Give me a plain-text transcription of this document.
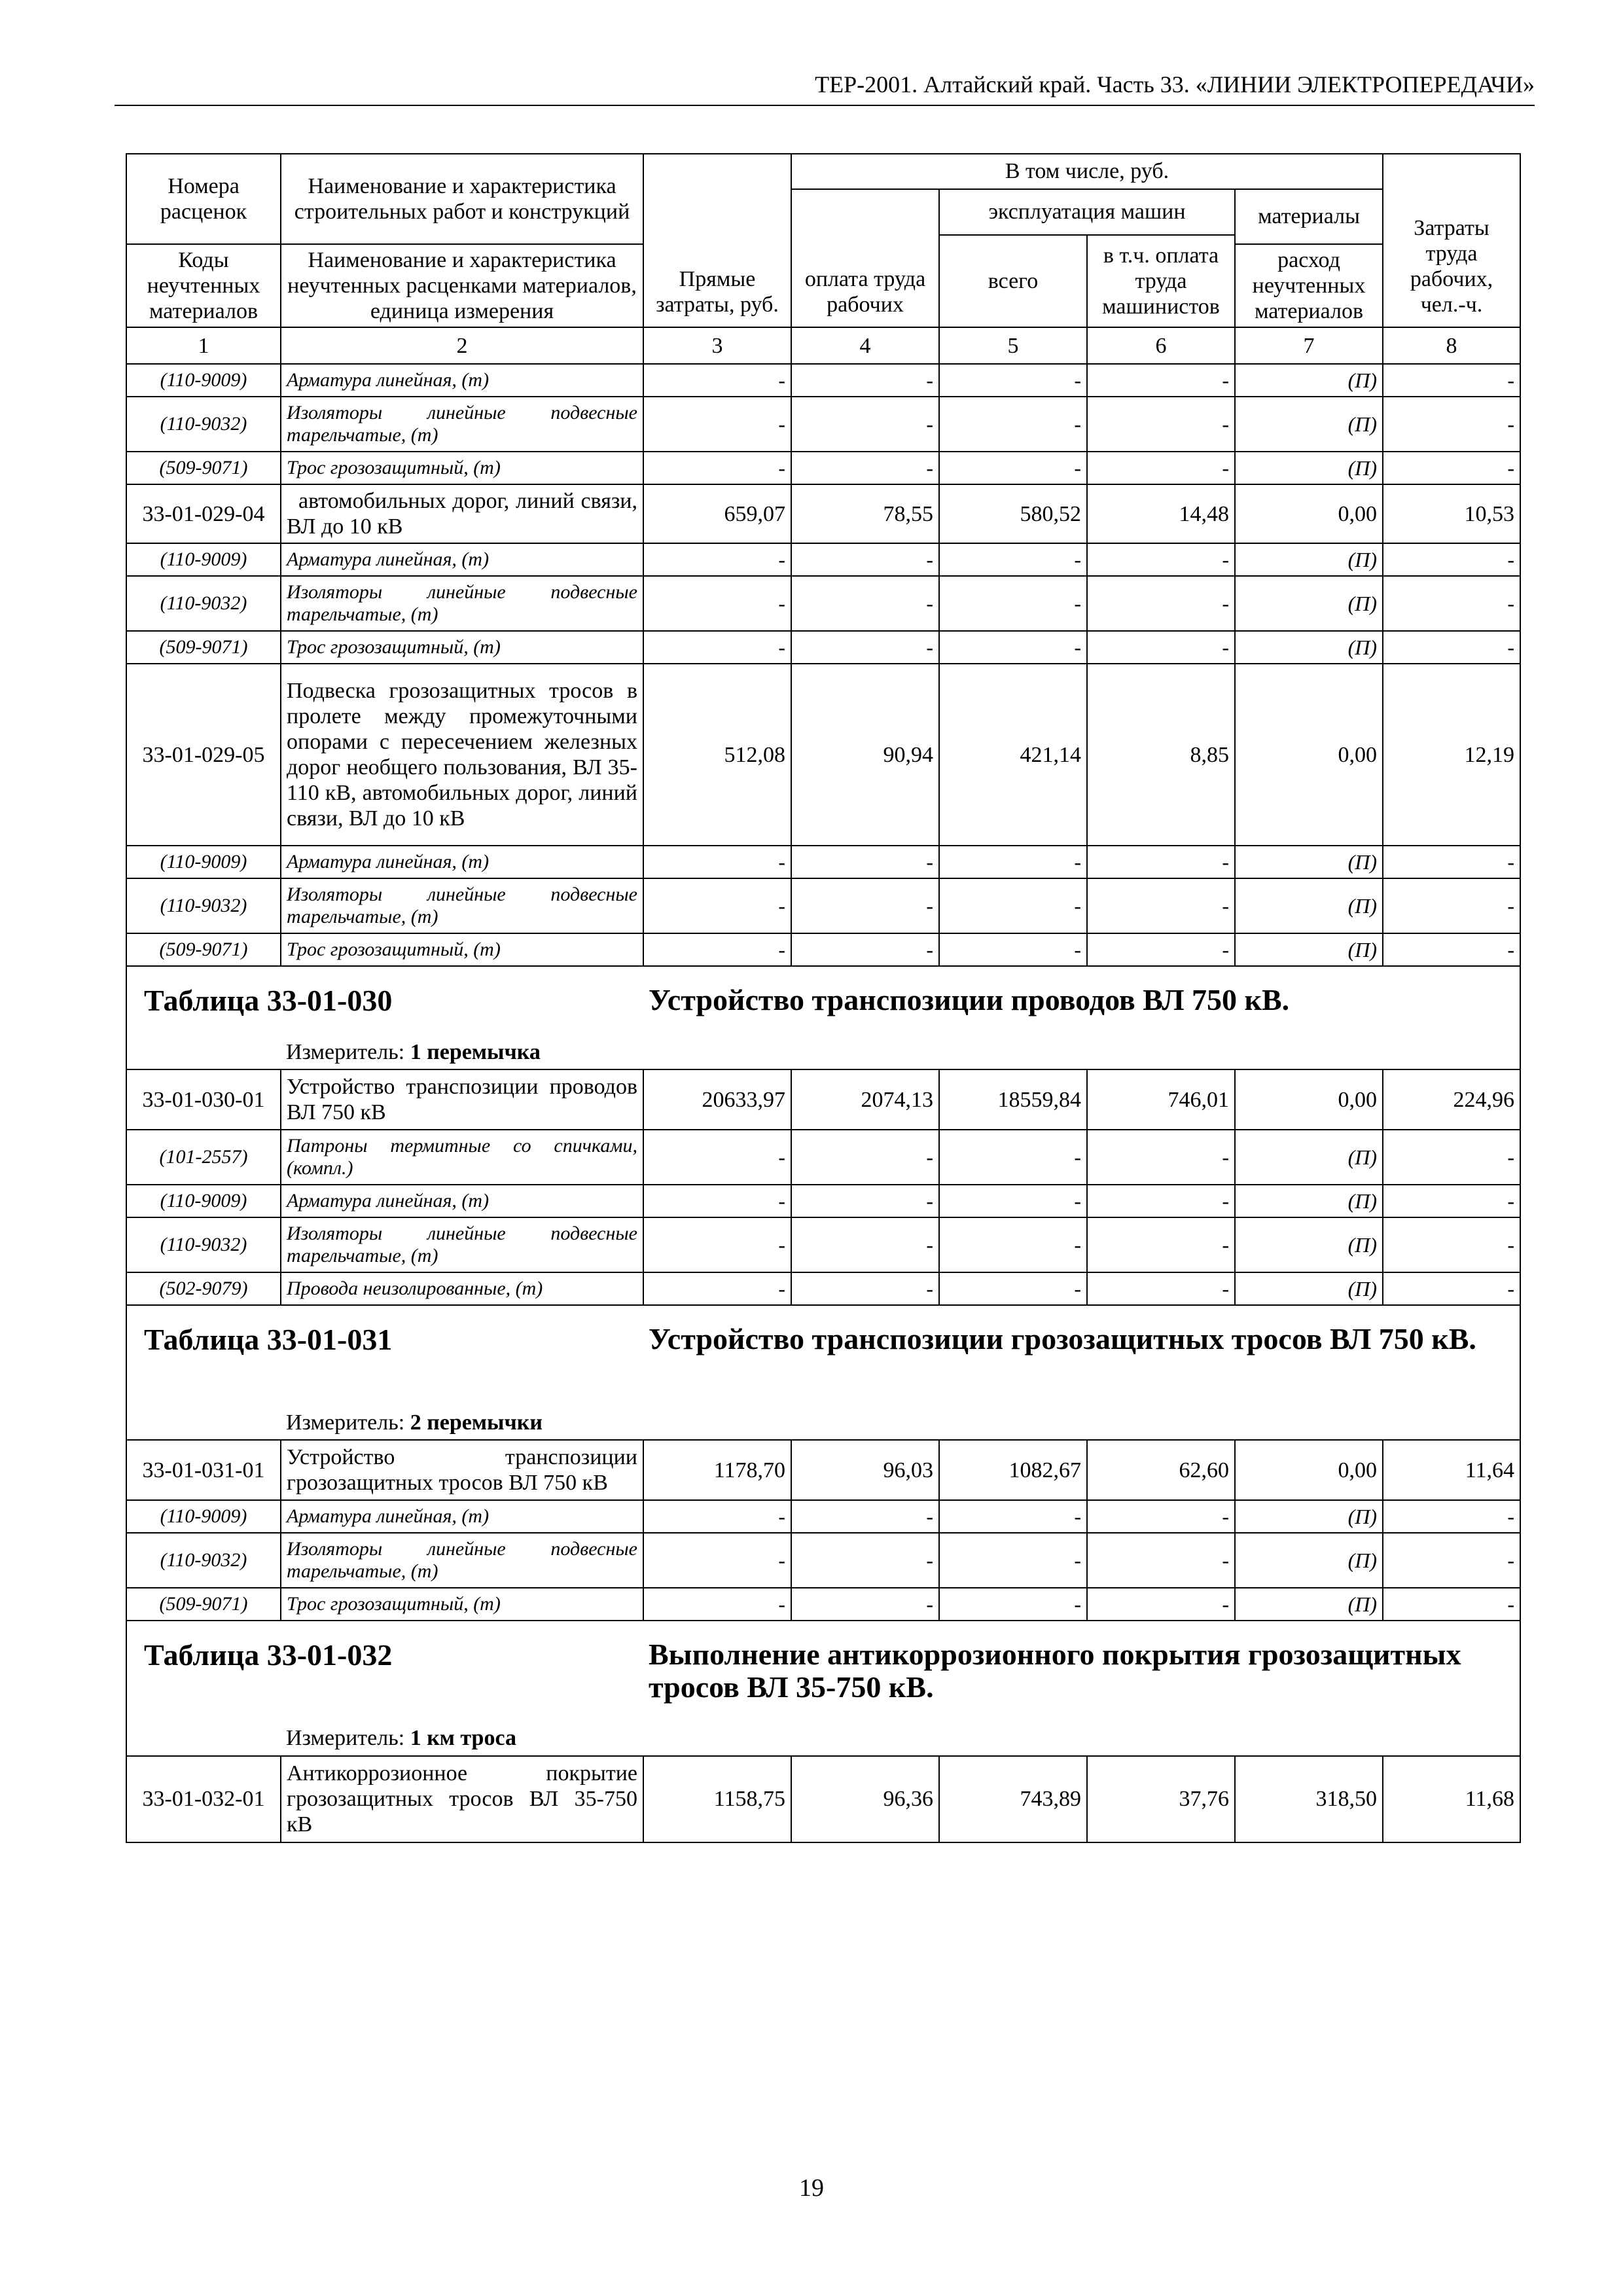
ТЕР-2001. Алтайский край. Часть 33. «ЛИНИИ ЭЛЕКТРОПЕРЕДАЧИ»
Номера расценок	Наименование и характеристика строительных работ и конструкций	Прямые затраты, руб.	В том числе, руб.				Затраты труда рабочих, чел.-ч.
			оплата труда рабочих	эксплуатация машин		материалы	
				всего	в т.ч. оплата труда машинистов		
Коды неучтенных материалов	Наименование и характеристика неучтенных расценками материалов, единица измерения					расход неучтенных материалов	

1	2	3	4	5	6	7	8
(110-9009)	Арматура линейная, (т)	-	-	-	-	(П)	-
(110-9032)	Изоляторы линейные подвесные тарельчатые, (т)	-	-	-	-	(П)	-
(509-9071)	Трос грозозащитный, (т)	-	-	-	-	(П)	-
33-01-029-04	автомобильных дорог, линий связи, ВЛ до 10 кВ	659,07	78,55	580,52	14,48	0,00	10,53
(110-9009)	Арматура линейная, (т)	-	-	-	-	(П)	-
(110-9032)	Изоляторы линейные подвесные тарельчатые, (т)	-	-	-	-	(П)	-
(509-9071)	Трос грозозащитный, (т)	-	-	-	-	(П)	-
33-01-029-05	Подвеска грозозащитных тросов в пролете между промежуточными опорами с пересечением железных дорог необщего пользования, ВЛ 35-110 кВ, автомобильных дорог, линий связи, ВЛ до 10 кВ	512,08	90,94	421,14	8,85	0,00	12,19
(110-9009)	Арматура линейная, (т)	-	-	-	-	(П)	-
(110-9032)	Изоляторы линейные подвесные тарельчатые, (т)	-	-	-	-	(П)	-
(509-9071)	Трос грозозащитный, (т)	-	-	-	-	(П)	-
Таблица 33-01-030		Устройство транспозиции проводов ВЛ 750 кВ.					
	Измеритель: 1 перемычка						
33-01-030-01	Устройство транспозиции проводов ВЛ 750 кВ	20633,97	2074,13	18559,84	746,01	0,00	224,96
(101-2557)	Патроны термитные со спичками, (компл.)	-	-	-	-	(П)	-
(110-9009)	Арматура линейная, (т)	-	-	-	-	(П)	-
(110-9032)	Изоляторы линейные подвесные тарельчатые, (т)	-	-	-	-	(П)	-
(502-9079)	Провода неизолированные, (т)	-	-	-	-	(П)	-
Таблица 33-01-031		Устройство транспозиции грозозащитных тросов ВЛ 750 кВ.					
	Измеритель: 2 перемычки						
33-01-031-01	Устройство транспозиции грозозащитных тросов ВЛ 750 кВ	1178,70	96,03	1082,67	62,60	0,00	11,64
(110-9009)	Арматура линейная, (т)	-	-	-	-	(П)	-
(110-9032)	Изоляторы линейные подвесные тарельчатые, (т)	-	-	-	-	(П)	-
(509-9071)	Трос грозозащитный, (т)	-	-	-	-	(П)	-
Таблица 33-01-032		Выполнение антикоррозионного покрытия грозозащитных тросов ВЛ 35-750 кВ.					
	Измеритель: 1 км троса						
33-01-032-01	Антикоррозионное покрытие грозозащитных тросов ВЛ 35-750 кВ	1158,75	96,36	743,89	37,76	318,50	11,68
19
